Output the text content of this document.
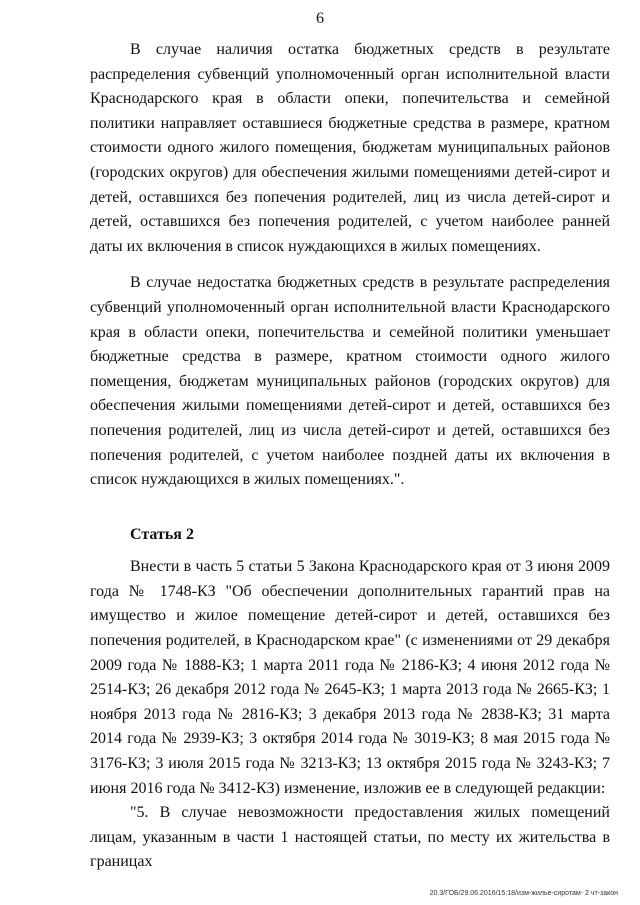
6

В случае наличия остатка бюджетных средств в результате распределения субвенций уполномоченный орган исполнительной власти Краснодарского края в области опеки, попечительства и семейной политики направляет оставшиеся бюджетные средства в размере, кратном стоимости одного жилого помещения, бюджетам муниципальных районов (городских округов) для обеспечения жилыми помещениями детей-сирот и детей, оставшихся без попечения родителей, лиц из числа детей-сирот и детей, оставшихся без попечения родителей, с учетом наиболее ранней даты их включения в список нуждающихся в жилых помещениях.

В случае недостатка бюджетных средств в результате распределения субвенций уполномоченный орган исполнительной власти Краснодарского края в области опеки, попечительства и семейной политики уменьшает бюджетные средства в размере, кратном стоимости одного жилого помещения, бюджетам муниципальных районов (городских округов) для обеспечения жилыми помещениями детей-сирот и детей, оставшихся без попечения родителей, лиц из числа детей-сирот и детей, оставшихся без попечения родителей, с учетом наиболее поздней даты их включения в список нуждающихся в жилых помещениях.".

Статья 2

Внести в часть 5 статьи 5 Закона Краснодарского края от 3 июня 2009 года № 1748-КЗ "Об обеспечении дополнительных гарантий прав на имущество и жилое помещение детей-сирот и детей, оставшихся без попечения родителей, в Краснодарском крае" (с изменениями от 29 декабря 2009 года № 1888-КЗ; 1 марта 2011 года № 2186-КЗ; 4 июня 2012 года № 2514-КЗ; 26 декабря 2012 года № 2645-КЗ; 1 марта 2013 года № 2665-КЗ; 1 ноября 2013 года № 2816-КЗ; 3 декабря 2013 года № 2838-КЗ; 31 марта 2014 года № 2939-КЗ; 3 октября 2014 года № 3019-КЗ; 8 мая 2015 года № 3176-КЗ; 3 июля 2015 года № 3213-КЗ; 13 октября 2015 года № 3243-КЗ; 7 июня 2016 года № 3412-КЗ) изменение, изложив ее в следующей редакции:

"5. В случае невозможности предоставления жилых помещений лицам, указанным в части 1 настоящей статьи, по месту их жительства в границах

20.3/ГОБ/29.06.2016/15:18/изм-жилье-сиротам- 2 чт-закон
